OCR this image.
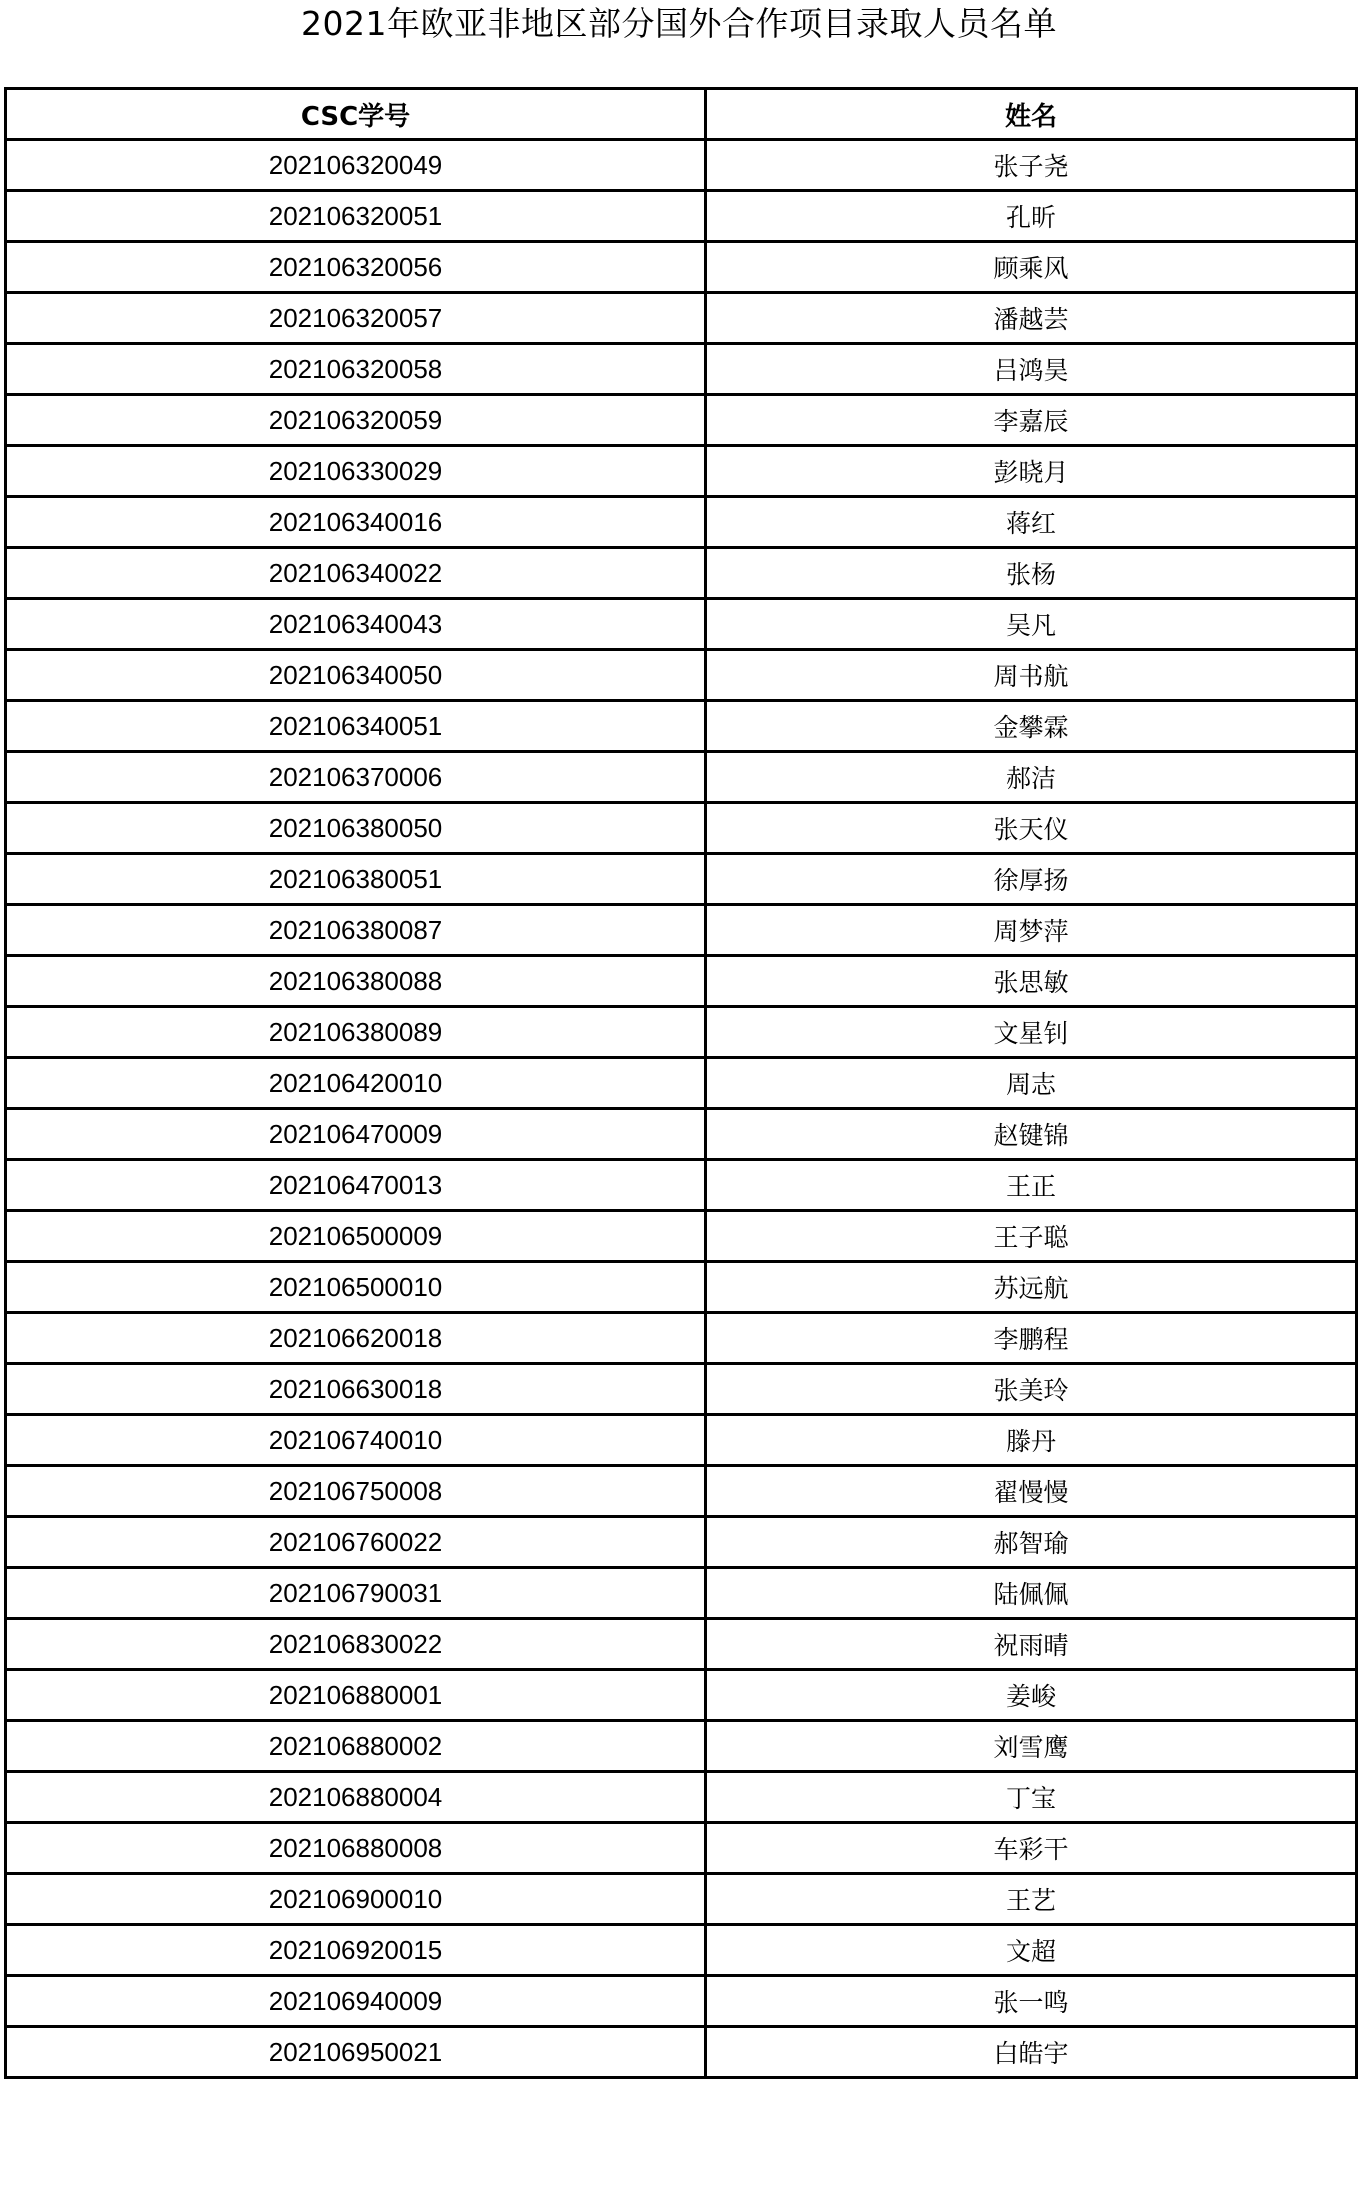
2021年欧亚非地区部分国外合作项目录取人员名单
CSC学号	姓名
202106320049	张子尧
202106320051	孔昕
202106320056	顾乘风
202106320057	潘越芸
202106320058	吕鸿昊
202106320059	李嘉辰
202106330029	彭晓月
202106340016	蒋红
202106340022	张杨
202106340043	吴凡
202106340050	周书航
202106340051	金攀霖
202106370006	郝洁
202106380050	张天仪
202106380051	徐厚扬
202106380087	周梦萍
202106380088	张思敏
202106380089	文星钊
202106420010	周志
202106470009	赵键锦
202106470013	王正
202106500009	王子聪
202106500010	苏远航
202106620018	李鹏程
202106630018	张美玲
202106740010	滕丹
202106750008	翟慢慢
202106760022	郝智瑜
202106790031	陆佩佩
202106830022	祝雨晴
202106880001	姜峻
202106880002	刘雪鹰
202106880004	丁宝
202106880008	车彩干
202106900010	王艺
202106920015	文超
202106940009	张一鸣
202106950021	白皓宇
